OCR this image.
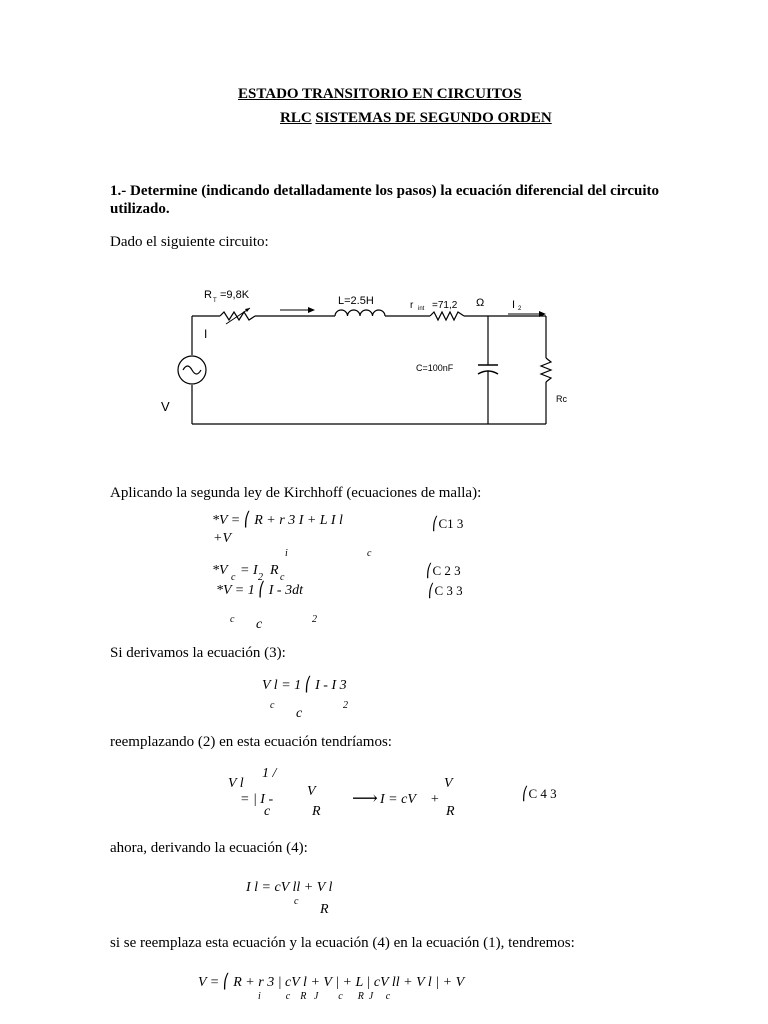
ESTADO TRANSITORIO EN CIRCUITOS
RLC SISTEMAS DE SEGUNDO ORDEN
1.- Determine (indicando detalladamente los pasos) la ecuación diferencial del circuito utilizado.
Dado el siguiente circuito:
R T =9,8K	L=2.5H	r int =71,2 Ω	I 2
I
C=100nF
Rc
V
Aplicando la segunda ley de Kirchhoff (ecuaciones de malla):
*V = ⎛ R + r 3 I + L I l
+V
i	c
⎛C1 3
*V c = I 2 R c	⎛C 2 3
*V = 1 ⎛ I - 3dt
c c	2
⎛C 3 3
Si derivamos la ecuación (3):
V l = 1 ⎛ I - I 3
c
c
2
reemplazando (2) en esta ecuación tendríamos:
V l
1 /
= | I -
V
c	R
⟶ I = cV +
V
R
⎛C 4 3
ahora, derivando la ecuación (4):
I l = cV ll + V l
c
R
si se reemplaza esta ecuación y la ecuación (4) en la ecuación (1), tendremos:
V = ⎛ R + r 3 | cV l + V | + L | cV ll + V l | + V
i          c    R   J        c      R  J     c
